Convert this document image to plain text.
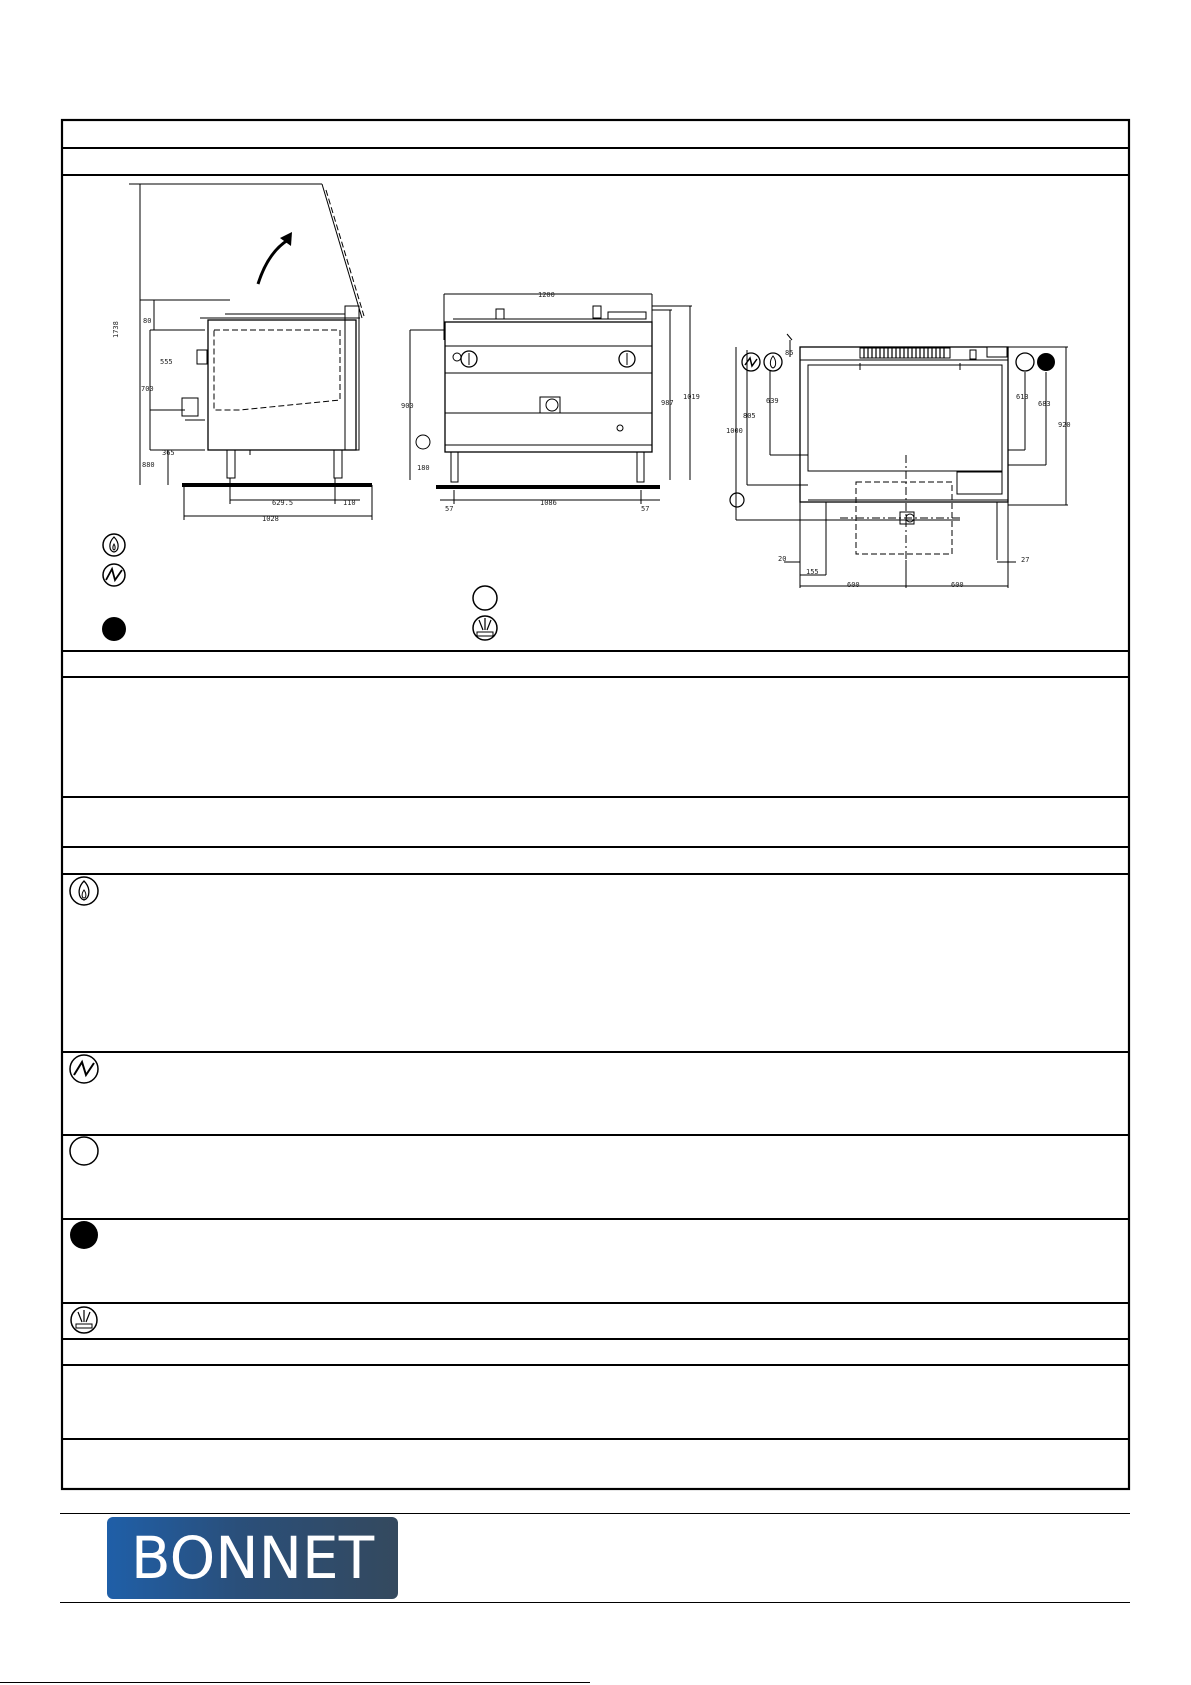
1738
80
555
700
365
880
629.5	110
1028
1200
900	987
1019
180
57
1086
57
85
639
805
1000
613
683
920
20
155
27
600	600
BONNET
